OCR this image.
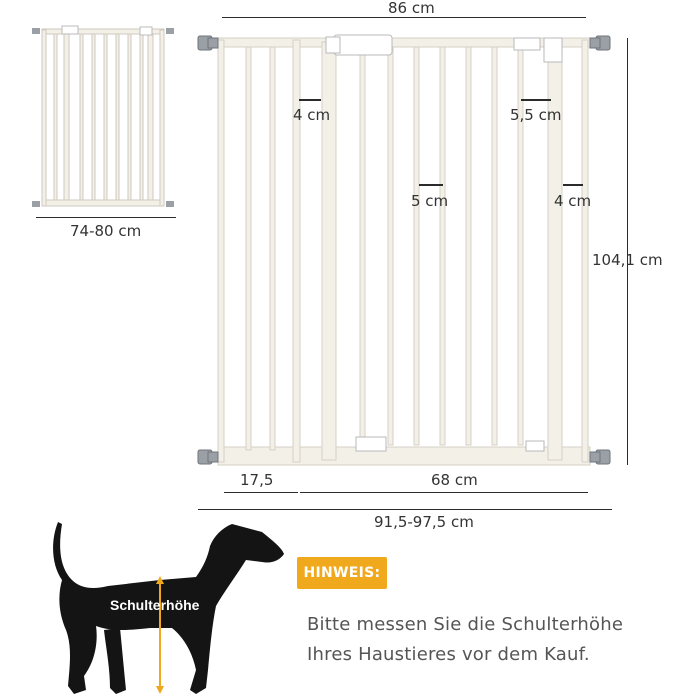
74-80 cm
86 cm
104,1 cm
4 cm	5,5 cm
5 cm	4 cm
17,5	68 cm
91,5-97,5 cm
Schulterhöhe
HINWEIS:
Bitte messen Sie die Schulterhöhe
Ihres Haustieres vor dem Kauf.
